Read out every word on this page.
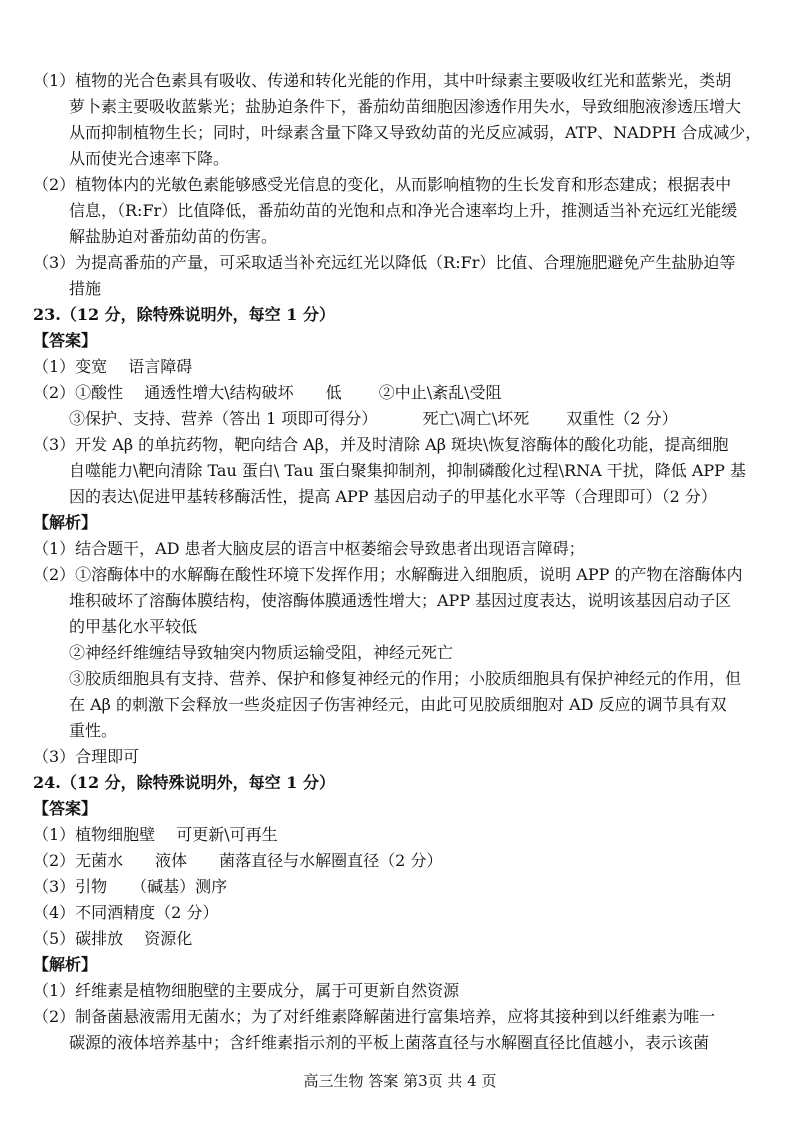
（1）植物的光合色素具有吸收、传递和转化光能的作用，其中叶绿素主要吸收红光和蓝紫光，类胡
萝卜素主要吸收蓝紫光；盐胁迫条件下，番茄幼苗细胞因渗透作用失水，导致细胞液渗透压增大
从而抑制植物生长；同时，叶绿素含量下降又导致幼苗的光反应减弱，ATP、NADPH 合成减少，
从而使光合速率下降。
（2）植物体内的光敏色素能够感受光信息的变化，从而影响植物的生长发育和形态建成；根据表中
信息，（R:Fr）比值降低，番茄幼苗的光饱和点和净光合速率均上升，推测适当补充远红光能缓
解盐胁迫对番茄幼苗的伤害。
（3）为提高番茄的产量，可采取适当补充远红光以降低（R:Fr）比值、合理施肥避免产生盐胁迫等
措施
23.（12 分，除特殊说明外，每空 1 分）
【答案】
（1）变宽　 语言障碍
（2）①酸性　 通透性增大\结构破坏　　低　　 ②中止\紊乱\受阻
③保护、支持、营养（答出 1 项即可得分）　　　 死亡\凋亡\坏死　　 双重性（2 分）
（3）开发 Aβ 的单抗药物，靶向结合 Aβ，并及时清除 Aβ 斑块\恢复溶酶体的酸化功能，提高细胞
自噬能力\靶向清除 Tau 蛋白\ Tau 蛋白聚集抑制剂，抑制磷酸化过程\RNA 干扰，降低 APP 基
因的表达\促进甲基转移酶活性，提高 APP 基因启动子的甲基化水平等（合理即可）（2 分）
【解析】
（1）结合题干，AD 患者大脑皮层的语言中枢萎缩会导致患者出现语言障碍；
（2）①溶酶体中的水解酶在酸性环境下发挥作用；水解酶进入细胞质，说明 APP 的产物在溶酶体内
堆积破坏了溶酶体膜结构，使溶酶体膜通透性增大；APP 基因过度表达，说明该基因启动子区
的甲基化水平较低
②神经纤维缠结导致轴突内物质运输受阻，神经元死亡
③胶质细胞具有支持、营养、保护和修复神经元的作用；小胶质细胞具有保护神经元的作用，但
在 Aβ 的刺激下会释放一些炎症因子伤害神经元，由此可见胶质细胞对 AD 反应的调节具有双
重性。
（3）合理即可
24.（12 分，除特殊说明外，每空 1 分）
【答案】
（1）植物细胞壁　 可更新\可再生
（2）无菌水　　液体　　菌落直径与水解圈直径（2 分）
（3）引物　　（碱基）测序
（4）不同酒精度（2 分）
（5）碳排放　 资源化
【解析】
（1）纤维素是植物细胞壁的主要成分，属于可更新自然资源
（2）制备菌悬液需用无菌水；为了对纤维素降解菌进行富集培养，应将其接种到以纤维素为唯一
碳源的液体培养基中；含纤维素指示剂的平板上菌落直径与水解圈直径比值越小，表示该菌
高三生物 答案 第3页 共 4 页
